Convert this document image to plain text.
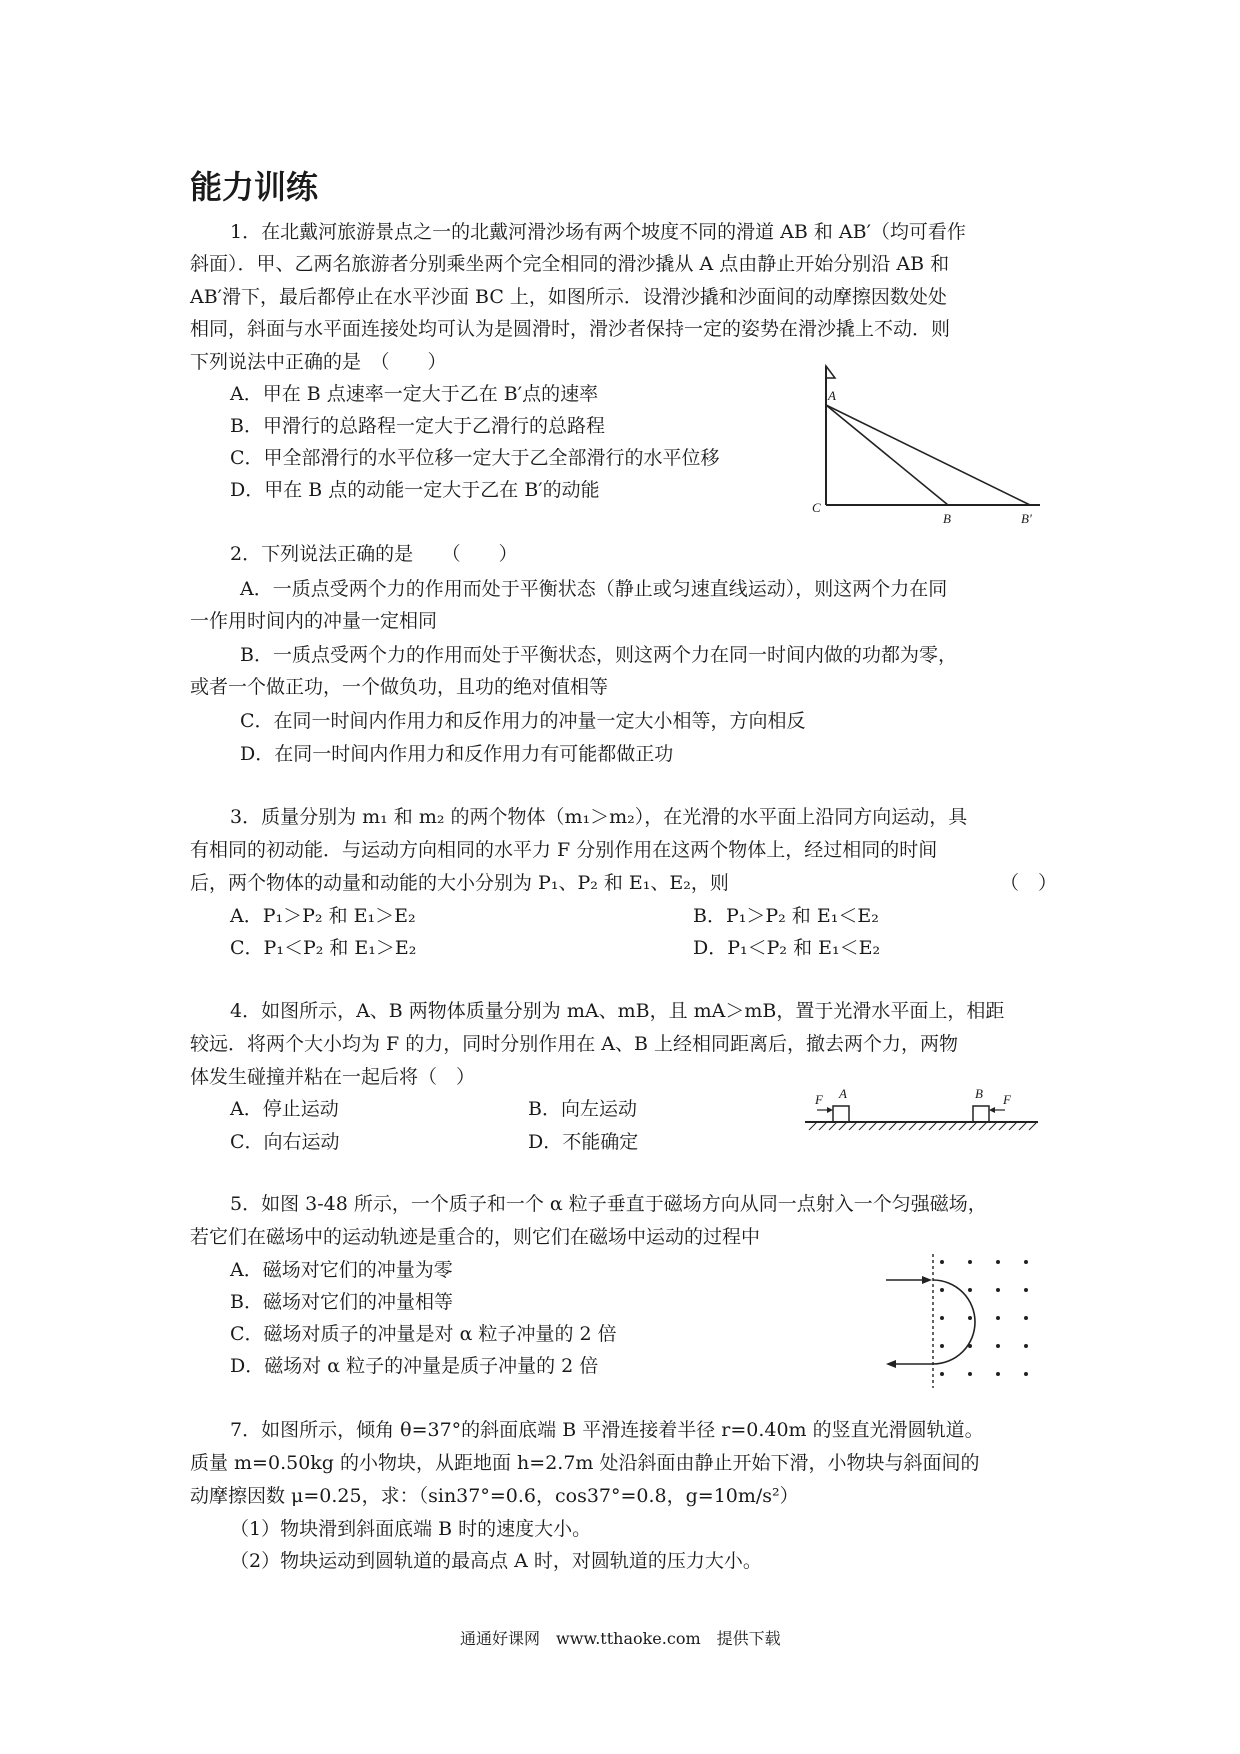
能力训练
1．在北戴河旅游景点之一的北戴河滑沙场有两个坡度不同的滑道 AB 和 AB′（均可看作
斜面）．甲、乙两名旅游者分别乘坐两个完全相同的滑沙撬从 A 点由静止开始分别沿 AB 和
AB′滑下，最后都停止在水平沙面 BC 上，如图所示．设滑沙撬和沙面间的动摩擦因数处处
相同，斜面与水平面连接处均可认为是圆滑时，滑沙者保持一定的姿势在滑沙撬上不动．则
下列说法中正确的是　（　　）
A．甲在 B 点速率一定大于乙在 B′点的速率
B．甲滑行的总路程一定大于乙滑行的总路程
C．甲全部滑行的水平位移一定大于乙全部滑行的水平位移
D．甲在 B 点的动能一定大于乙在 B′的动能
A
C
B	B′
2．下列说法正确的是　　（　　）
A．一质点受两个力的作用而处于平衡状态（静止或匀速直线运动），则这两个力在同
一作用时间内的冲量一定相同
B．一质点受两个力的作用而处于平衡状态，则这两个力在同一时间内做的功都为零，
或者一个做正功，一个做负功，且功的绝对值相等
C．在同一时间内作用力和反作用力的冲量一定大小相等，方向相反
D．在同一时间内作用力和反作用力有可能都做正功
3．质量分别为 m₁ 和 m₂ 的两个物体（m₁＞m₂），在光滑的水平面上沿同方向运动，具
有相同的初动能．与运动方向相同的水平力 F 分别作用在这两个物体上，经过相同的时间
后，两个物体的动量和动能的大小分别为 P₁、P₂ 和 E₁、E₂，则	（　）
A．P₁＞P₂ 和 E₁＞E₂	B．P₁＞P₂ 和 E₁＜E₂
C．P₁＜P₂ 和 E₁＞E₂	D．P₁＜P₂ 和 E₁＜E₂
4．如图所示，A、B 两物体质量分别为 mA、mB，且 mA＞mB，置于光滑水平面上，相距
较远．将两个大小均为 F 的力，同时分别作用在 A、B 上经相同距离后，撤去两个力，两物
体发生碰撞并粘在一起后将（　）
A．停止运动	B．向左运动
C．向右运动	D．不能确定
F A	B F
5．如图 3-48 所示，一个质子和一个 α 粒子垂直于磁场方向从同一点射入一个匀强磁场，
若它们在磁场中的运动轨迹是重合的，则它们在磁场中运动的过程中
A．磁场对它们的冲量为零
B．磁场对它们的冲量相等
C．磁场对质子的冲量是对 α 粒子冲量的 2 倍
D．磁场对 α 粒子的冲量是质子冲量的 2 倍
7．如图所示，倾角 θ=37°的斜面底端 B 平滑连接着半径 r=0.40m 的竖直光滑圆轨道。
质量 m=0.50kg 的小物块，从距地面 h=2.7m 处沿斜面由静止开始下滑，小物块与斜面间的
动摩擦因数 μ=0.25，求：（sin37°=0.6，cos37°=0.8，g=10m/s²）
（1）物块滑到斜面底端 B 时的速度大小。
（2）物块运动到圆轨道的最高点 A 时，对圆轨道的压力大小。
通通好课网　www.tthaoke.com　提供下载
